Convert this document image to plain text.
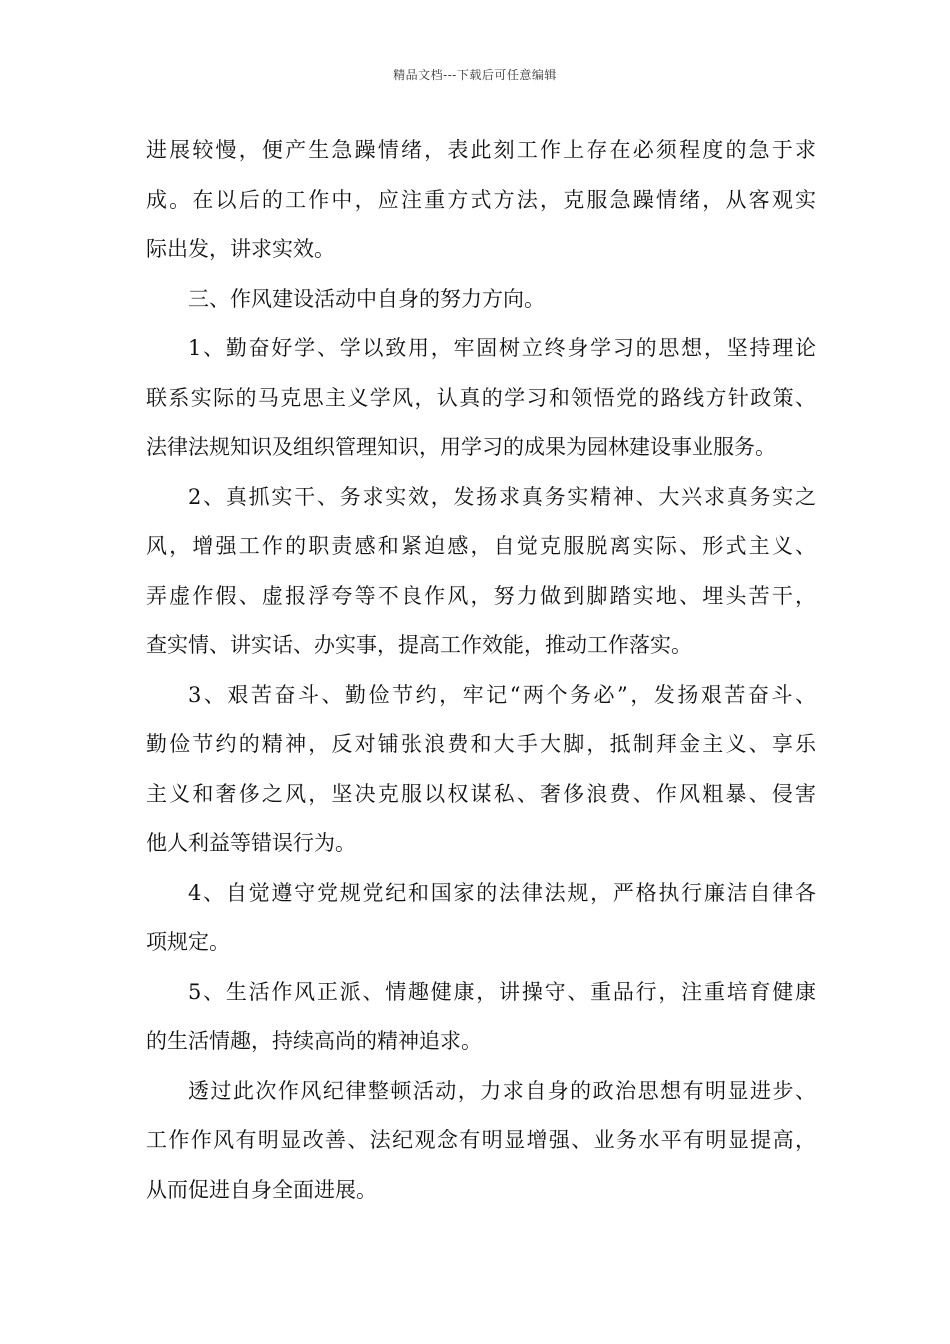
精品文档---下载后可任意编辑
进展较慢，便产生急躁情绪，表此刻工作上存在必须程度的急于求
成。在以后的工作中，应注重方式方法，克服急躁情绪，从客观实
际出发，讲求实效。
三、作风建设活动中自身的努力方向。
1、勤奋好学、学以致用，牢固树立终身学习的思想，坚持理论
联系实际的马克思主义学风，认真的学习和领悟党的路线方针政策、
法律法规知识及组织管理知识，用学习的成果为园林建设事业服务。
2、真抓实干、务求实效，发扬求真务实精神、大兴求真务实之
风，增强工作的职责感和紧迫感，自觉克服脱离实际、形式主义、
弄虚作假、虚报浮夸等不良作风，努力做到脚踏实地、埋头苦干，
查实情、讲实话、办实事，提高工作效能，推动工作落实。
3、艰苦奋斗、勤俭节约，牢记“两个务必”，发扬艰苦奋斗、
勤俭节约的精神，反对铺张浪费和大手大脚，抵制拜金主义、享乐
主义和奢侈之风，坚决克服以权谋私、奢侈浪费、作风粗暴、侵害
他人利益等错误行为。
4、自觉遵守党规党纪和国家的法律法规，严格执行廉洁自律各
项规定。
5、生活作风正派、情趣健康，讲操守、重品行，注重培育健康
的生活情趣，持续高尚的精神追求。
透过此次作风纪律整顿活动，力求自身的政治思想有明显进步、
工作作风有明显改善、法纪观念有明显增强、业务水平有明显提高，
从而促进自身全面进展。
